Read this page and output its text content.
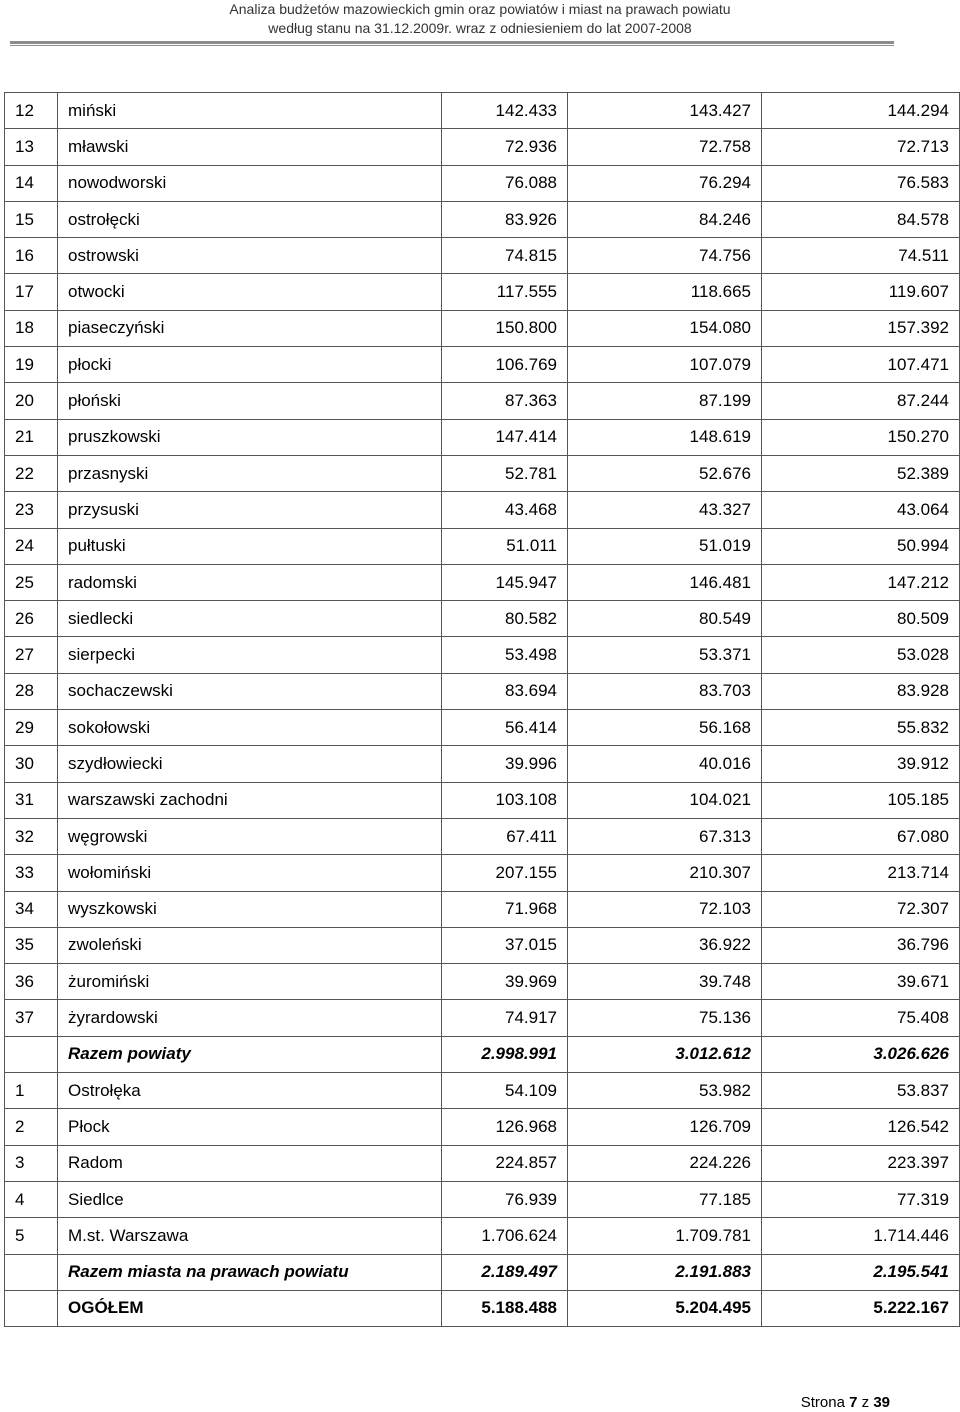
Analiza budżetów mazowieckich gmin oraz powiatów i miast na prawach powiatu
według stanu na 31.12.2009r. wraz z odniesieniem do lat 2007-2008
12	miński	142.433	143.427	144.294
13	mławski	72.936	72.758	72.713
14	nowodworski	76.088	76.294	76.583
15	ostrołęcki	83.926	84.246	84.578
16	ostrowski	74.815	74.756	74.511
17	otwocki	117.555	118.665	119.607
18	piaseczyński	150.800	154.080	157.392
19	płocki	106.769	107.079	107.471
20	płoński	87.363	87.199	87.244
21	pruszkowski	147.414	148.619	150.270
22	przasnyski	52.781	52.676	52.389
23	przysuski	43.468	43.327	43.064
24	pułtuski	51.011	51.019	50.994
25	radomski	145.947	146.481	147.212
26	siedlecki	80.582	80.549	80.509
27	sierpecki	53.498	53.371	53.028
28	sochaczewski	83.694	83.703	83.928
29	sokołowski	56.414	56.168	55.832
30	szydłowiecki	39.996	40.016	39.912
31	warszawski zachodni	103.108	104.021	105.185
32	węgrowski	67.411	67.313	67.080
33	wołomiński	207.155	210.307	213.714
34	wyszkowski	71.968	72.103	72.307
35	zwoleński	37.015	36.922	36.796
36	żuromiński	39.969	39.748	39.671
37	żyrardowski	74.917	75.136	75.408
	Razem powiaty	2.998.991	3.012.612	3.026.626
1	Ostrołęka	54.109	53.982	53.837
2	Płock	126.968	126.709	126.542
3	Radom	224.857	224.226	223.397
4	Siedlce	76.939	77.185	77.319
5	M.st. Warszawa	1.706.624	1.709.781	1.714.446
	Razem miasta na prawach powiatu	2.189.497	2.191.883	2.195.541
	OGÓŁEM	5.188.488	5.204.495	5.222.167
Strona 7 z 39
